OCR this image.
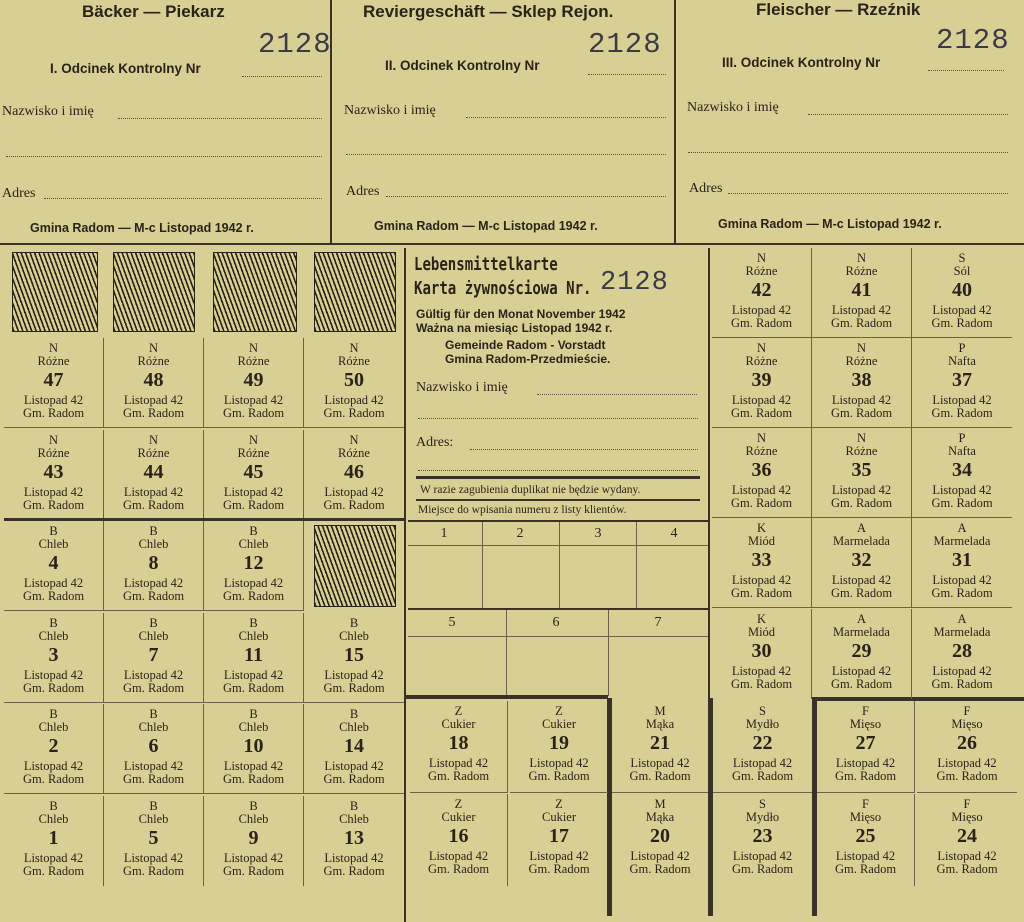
Bäcker — Piekarz
2128
I. Odcinek Kontrolny Nr
Nazwisko i imię
Adres
Gmina Radom — M-c Listopad 1942 r.
Reviergeschäft — Sklep Rejon.
2128
II. Odcinek Kontrolny Nr
Nazwisko i imię
Adres
Gmina Radom — M-c Listopad 1942 r.
Fleischer — Rzeźnik
2128
III. Odcinek Kontrolny Nr
Nazwisko i imię
Adres
Gmina Radom — M-c Listopad 1942 r.
N
Różne
47
Listopad 42
Gm. Radom
N
Różne
48
Listopad 42
Gm. Radom
N
Różne
49
Listopad 42
Gm. Radom
N
Różne
50
Listopad 42
Gm. Radom
N
Różne
43
Listopad 42
Gm. Radom
N
Różne
44
Listopad 42
Gm. Radom
N
Różne
45
Listopad 42
Gm. Radom
N
Różne
46
Listopad 42
Gm. Radom
B
Chleb
4
Listopad 42
Gm. Radom
B
Chleb
8
Listopad 42
Gm. Radom
B
Chleb
12
Listopad 42
Gm. Radom
B
Chleb
3
Listopad 42
Gm. Radom
B
Chleb
7
Listopad 42
Gm. Radom
B
Chleb
11
Listopad 42
Gm. Radom
B
Chleb
15
Listopad 42
Gm. Radom
B
Chleb
2
Listopad 42
Gm. Radom
B
Chleb
6
Listopad 42
Gm. Radom
B
Chleb
10
Listopad 42
Gm. Radom
B
Chleb
14
Listopad 42
Gm. Radom
B
Chleb
1
Listopad 42
Gm. Radom
B
Chleb
5
Listopad 42
Gm. Radom
B
Chleb
9
Listopad 42
Gm. Radom
B
Chleb
13
Listopad 42
Gm. Radom
Lebensmittelkarte
Karta żywnościowa Nr. 2128
Gültig für den Monat November 1942
Ważna na miesiąc Listopad 1942 r.
Gemeinde Radom - Vorstadt
Gmina Radom-Przedmieście.
Nazwisko i imię
Adres:
W razie zagubienia duplikat nie będzie wydany.
Miejsce do wpisania numeru z listy klientów.
1	2	3	4
5	6	7
N
Różne
42
Listopad 42
Gm. Radom
N
Różne
41
Listopad 42
Gm. Radom
S
Sól
40
Listopad 42
Gm. Radom
N
Różne
39
Listopad 42
Gm. Radom
N
Różne
38
Listopad 42
Gm. Radom
P
Nafta
37
Listopad 42
Gm. Radom
N
Różne
36
Listopad 42
Gm. Radom
N
Różne
35
Listopad 42
Gm. Radom
P
Nafta
34
Listopad 42
Gm. Radom
K
Miód
33
Listopad 42
Gm. Radom
A
Marmelada
32
Listopad 42
Gm. Radom
A
Marmelada
31
Listopad 42
Gm. Radom
K
Miód
30
Listopad 42
Gm. Radom
A
Marmelada
29
Listopad 42
Gm. Radom
A
Marmelada
28
Listopad 42
Gm. Radom
Z
Cukier
18
Listopad 42
Gm. Radom
Z
Cukier
19
Listopad 42
Gm. Radom
M
Mąka
21
Listopad 42
Gm. Radom
S
Mydło
22
Listopad 42
Gm. Radom
F
Mięso
27
Listopad 42
Gm. Radom
F
Mięso
26
Listopad 42
Gm. Radom
Z
Cukier
16
Listopad 42
Gm. Radom
Z
Cukier
17
Listopad 42
Gm. Radom
M
Mąka
20
Listopad 42
Gm. Radom
S
Mydło
23
Listopad 42
Gm. Radom
F
Mięso
25
Listopad 42
Gm. Radom
F
Mięso
24
Listopad 42
Gm. Radom
